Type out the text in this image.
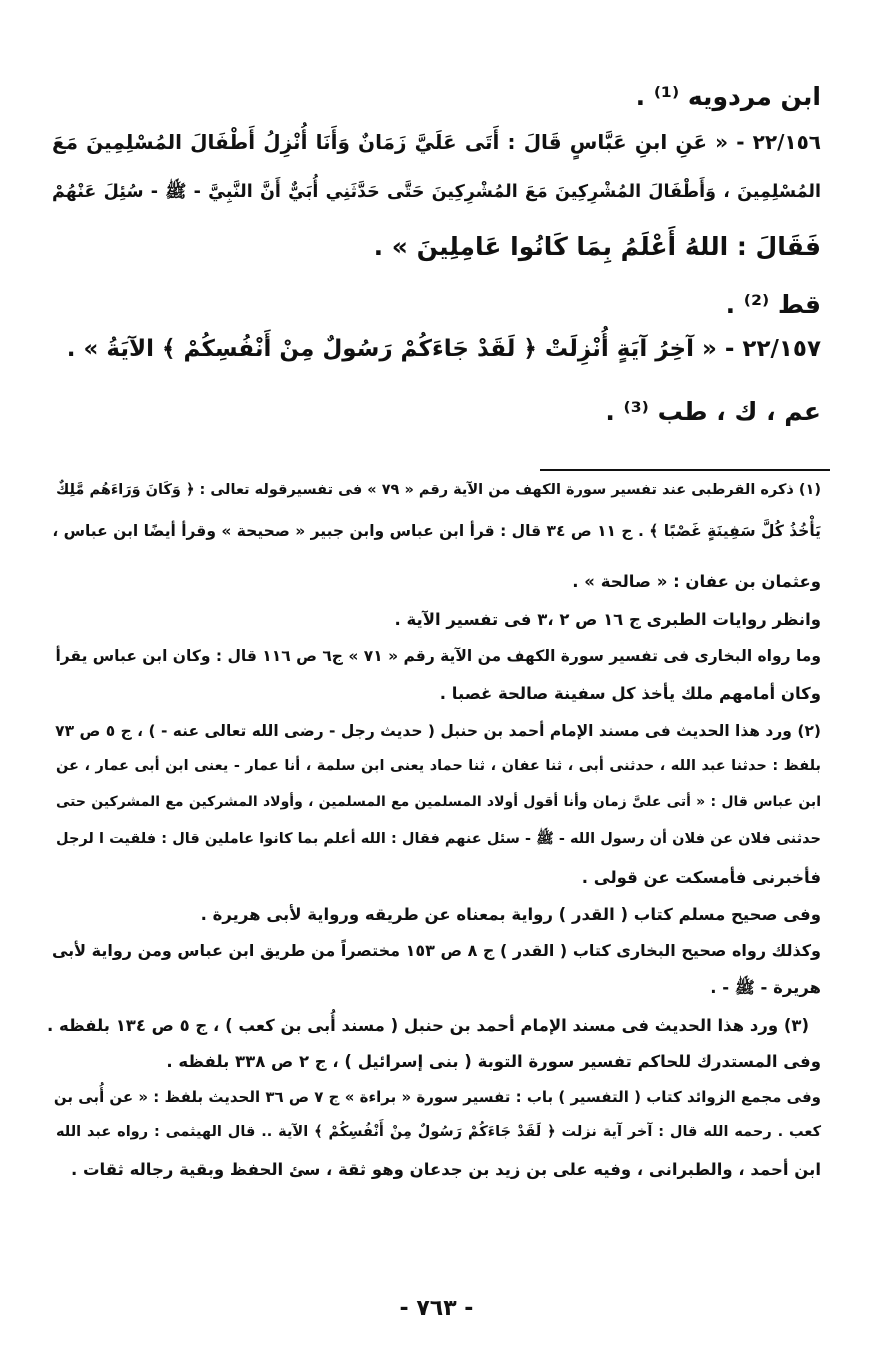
ابن مردويه ⁽¹⁾ .
٢٢/١٥٦ - « عَنِ ابنِ عَبَّاسٍ قَالَ : أَتَى عَلَيَّ زَمَانٌ وَأَنَا أُنْزِلُ أَطْفَالَ المُسْلِمِينَ مَعَ
المُسْلِمِينَ ، وَأَطْفَالَ المُشْرِكِينَ مَعَ المُشْرِكِينَ حَتَّى حَدَّثَنِي أُبَيٌّ أَنَّ النَّبِيَّ - ﷺ - سُئِلَ عَنْهُمْ
فَقَالَ : اللهُ أَعْلَمُ بِمَا كَانُوا عَامِلِينَ » .
قط ⁽²⁾ .
٢٢/١٥٧ - « آخِرُ آيَةٍ أُنْزِلَتْ ﴿ لَقَدْ جَاءَكُمْ رَسُولٌ مِنْ أَنْفُسِكُمْ ﴾ الآيَةُ » .
عم ، ك ، طب ⁽³⁾ .
(١) ذكره القرطبى عند تفسير سورة الكهف من الآية رقم « ٧٩ » فى تفسيرقوله تعالى : ﴿ وَكَانَ وَرَاءَهُم مَّلِكٌ
يَأْخُذُ كُلَّ سَفِينَةٍ غَصْبًا ﴾ . ج ١١ ص ٣٤ قال : قرأ ابن عباس وابن جبير « صحيحة » وقرأ أيضًا ابن عباس ،
وعثمان بن عفان : « صالحة » .
وانظر روايات الطبرى ج ١٦ ص ٢ ،٣ فى تفسير الآية .
وما رواه البخارى فى تفسير سورة الكهف من الآية رقم « ٧١ » ج٦ ص ١١٦ قال : وكان ابن عباس يقرأ
وكان أمامهم ملك يأخذ كل سفينة صالحة غصبا .
(٢) ورد هذا الحديث فى مسند الإمام أحمد بن حنبل ( حديث رجل - رضى الله تعالى عنه - ) ، ج ٥ ص ٧٣
بلفظ : حدثنا عبد الله ، حدثنى أبى ، ثنا عفان ، ثنا حماد يعنى ابن سلمة ، أنا عمار - يعنى ابن أبى عمار ، عن
ابن عباس قال : « أتى علىَّ زمان وأنا أقول أولاد المسلمين مع المسلمين ، وأولاد المشركين مع المشركين حتى
حدثنى فلان عن فلان أن رسول الله - ﷺ - سئل عنهم فقال : الله أعلم بما كانوا عاملين قال : فلقيت ا لرجل
فأخبرنى فأمسكت عن قولى .
وفى صحيح مسلم كتاب ( القدر ) رواية بمعناه عن طريقه ورواية لأبى هريرة .
وكذلك رواه صحيح البخارى كتاب ( القدر ) ج ٨ ص ١٥٣ مختصراً من طريق ابن عباس ومن رواية لأبى
هريرة - ﷺ - .
(٣) ورد هذا الحديث فى مسند الإمام أحمد بن حنبل ( مسند أُبى بن كعب ) ، ج ٥ ص ١٣٤ بلفظه .
وفى المستدرك للحاكم تفسير سورة التوبة ( بنى إسرائيل ) ، ج ٢ ص ٣٣٨ بلفظه .
وفى مجمع الزوائد كتاب ( التفسير ) باب : تفسير سورة « براءة » ج ٧ ص ٣٦ الحديث بلفظ : « عن أُبى بن
كعب . رحمه الله قال : آخر آية نزلت ﴿ لَقَدْ جَاءَكُمْ رَسُولٌ مِنْ أَنْفُسِكُمْ ﴾ الآية .. قال الهيثمى : رواه عبد الله
ابن أحمد ، والطبرانى ، وفيه على بن زيد بن جدعان وهو ثقة ، سئ الحفظ وبقية رجاله ثقات .
- ٧٦٣ -
